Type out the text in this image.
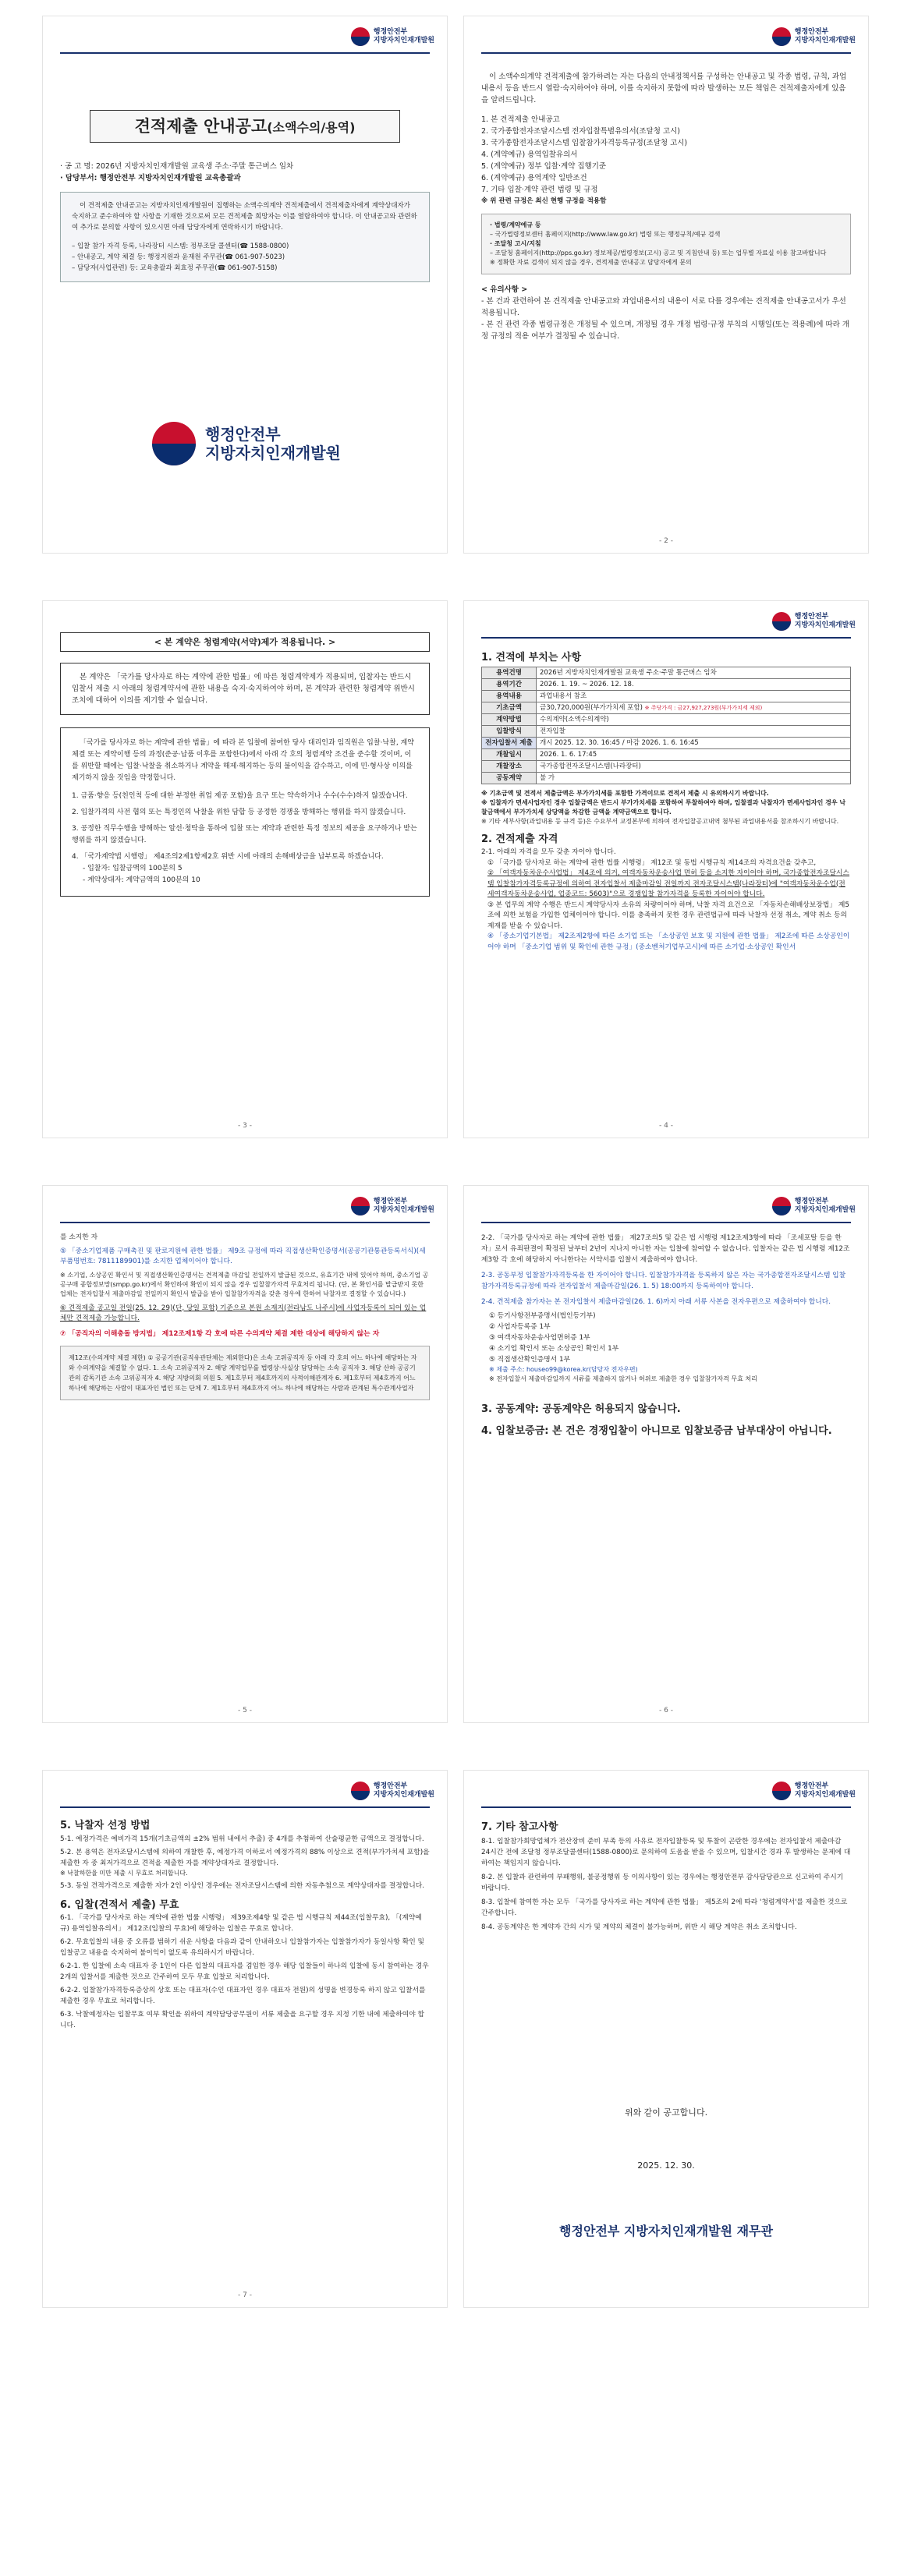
행정안전부
지방자치인재개발원
견적제출 안내공고(소액수의/용역)
· 공 고 명: 2026년 지방자치인재개발원 교육생 주소·주말 통근버스 임차
· 담당부서: 행정안전부 지방자치인재개발원 교육총괄과
이 견적제출 안내공고는 지방자치인재개발원이 집행하는 소액수의계약 견적제출에서 견적제출자에게 계약상대자가 숙지하고 준수하여야 할 사항을 기재한 것으로써 모든 견적제출 희망자는 이를 열람하여야 합니다. 이 안내공고와 관련하여 추가로 문의할 사항이 있으시면 아래 담당자에게 연락하시기 바랍니다.
– 입찰 참가 자격 등록, 나라장터 시스템: 정부조달 콜센터(☎ 1588-0800)
– 안내공고, 계약 체결 등: 행정지원과 윤재원 주무관(☎ 061-907-5023)
– 담당자(사업관련) 등: 교육총괄과 최효정 주무관(☎ 061-907-5158)
행정안전부
지방자치인재개발원
행정안전부
지방자치인재개발원
이 소액수의계약 견적제출에 참가하려는 자는 다음의 안내정책서를 구성하는 안내공고 및 각종 법령, 규칙, 과업내용서 등을 반드시 열람·숙지하여야 하며, 이를 숙지하지 못함에 따라 발생하는 모든 책임은 견적제출자에게 있음을 알려드립니다.
1. 본 견적제출 안내공고
2. 국가종합전자조달시스템 전자입찰특별유의서(조달청 고시)
3. 국가종합전자조달시스템 입찰참가자격등록규정(조달청 고시)
4. (계약예규) 용역입찰유의서
5. (계약예규) 정부 입찰·계약 집행기준
6. (계약예규) 용역계약 일반조건
7. 기타 입찰·계약 관련 법령 및 규정
※ 위 관련 규정은 최신 현행 규정을 적용함
· 법령/계약예규 등
– 국가법령정보센터 홈페이지(http://www.law.go.kr) 법령 또는 행정규칙/예규 검색
· 조달청 고시/지침
– 조달청 홈페이지(http://pps.go.kr) 정보제공/법령정보(고시) 공고 및 지침안내 등) 또는 업무별 자료실 이용 참고바랍니다
※ 정확한 자료 검색이 되지 않을 경우, 견적제출 안내공고 담당자에게 문의
< 유의사항 >
- 본 건과 관련하여 본 견적제출 안내공고와 과업내용서의 내용이 서로 다를 경우에는 견적제출 안내공고서가 우선 적용됩니다.
- 본 건 관련 각종 법령규정은 개정될 수 있으며, 개정될 경우 개정 법령·규정 부칙의 시행일(또는 적용례)에 따라 개정 규정의 적용 여부가 결정될 수 있습니다.
- 2 -
< 본 계약은 청렴계약(서약)제가 적용됩니다. >
본 계약은 「국가를 당사자로 하는 계약에 관한 법률」에 따른 청렴계약제가 적용되며, 입찰자는 반드시 입찰서 제출 시 아래의 청렴계약서에 관한 내용을 숙지·숙지하여야 하며, 본 계약과 관련한 청렴계약 위반시 조치에 대하여 이의를 제기할 수 없습니다.
「국가를 당사자로 하는 계약에 관한 법률」에 따라 본 입찰에 참여한 당사 대리인과 임직원은 입찰·낙찰, 계약체결 또는 계약이행 등의 과정(준공·납품 이후를 포함한다)에서 아래 각 호의 청렴계약 조건을 준수할 것이며, 이를 위반할 때에는 입찰·낙찰을 취소하거나 계약을 해제·해지하는 등의 불이익을 감수하고, 이에 민·형사상 이의를 제기하지 않을 것임을 약정합니다.
1. 금품·향응 등(친인척 등에 대한 부정한 취업 제공 포함)을 요구 또는 약속하거나 수수(수수)하지 않겠습니다.
2. 입찰가격의 사전 협의 또는 특정인의 낙찰을 위한 담합 등 공정한 경쟁을 방해하는 행위를 하지 않겠습니다.
3. 공정한 직무수행을 방해하는 알선·청탁을 통하여 입찰 또는 계약과 관련한 특정 정보의 제공을 요구하거나 받는 행위를 하지 않겠습니다.
4. 「국가계약법 시행령」 제4조의2제1항제2호 위반 시에 아래의 손해배상금을 납부토록 하겠습니다.
- 입찰자: 입찰금액의 100분의 5
- 계약상대자: 계약금액의 100분의 10
- 3 -
행정안전부
지방자치인재개발원
1. 견적에 부치는 사항
용역건명	2026년 지방자치인재개발원 교육생 주소·주말 통근버스 임차
용역기간	2026. 1. 19. ~ 2026. 12. 18.
용역내용	과업내용서 참조
기초금액	금30,720,000원(부가가치세 포함) ※ 주당가격 : 금27,927,273원(부가가치세 제외)
계약방법	수의계약(소액수의계약)
입찰방식	전자입찰
전자입찰서 제출	개시 2025. 12. 30. 16:45 / 마감 2026. 1. 6. 16:45
개찰일시	2026. 1. 6. 17:45
개찰장소	국가종합전자조달시스템(나라장터)
공동계약	불 가
※ 기초금액 및 견적서 제출금액은 부가가치세를 포함한 가격이므로 견적서 제출 시 유의하시기 바랍니다.
※ 입찰자가 면세사업자인 경우 입찰금액은 반드시 부가가치세를 포함하여 투찰하여야 하며, 입찰결과 낙찰자가 면세사업자인 경우 낙찰금액에서 부가가치세 상당액을 차감한 금액을 계약금액으로 합니다.
※ 기타 세부사항(과업내용 등 규격 등)은 수요부서 교정본부에 의하여 전자입찰공고내역 첨부된 과업내용서를 참조하시기 바랍니다.
2. 견적제출 자격
2-1. 아래의 자격을 모두 갖춘 자이야 합니다.
① 「국가를 당사자로 하는 계약에 관한 법률 시행령」 제12조 및 동법 시행규칙 제14조의 자격요건을 갖추고,
② 「여객자동차운수사업법」 제4조에 의거, 여객자동차운송사업 면허 등을 소지한 자이어야 하며, 국가종합전자조달시스템 입찰참가자격등록규정에 의하여 전자입찰서 제출마감일 전일까지 전자조달시스템(나라장터)에 "여객자동차운수업(전세여객자동차운송사업, 업종코드: 5603)"으로 경쟁입찰 참가자격을 등록한 자이어야 합니다.
③ 본 업무의 계약 수행은 반드시 계약당사자 소유의 차량이어야 하며, 낙찰 자격 요건으로 「자동차손해배상보장법」 제5조에 의한 보험을 가입한 업체이어야 합니다. 이를 충족하지 못한 경우 관련법규에 따라 낙찰자 선정 취소, 계약 취소 등의 제재를 받을 수 있습니다.
④ 「중소기업기본법」 제2조제2항에 따른 소기업 또는 「소상공인 보호 및 지원에 관한 법률」 제2조에 따른 소상공인이어야 하며 「중소기업 범위 및 확인에 관한 규정」(중소벤처기업부고시)에 따른 소기업·소상공인 확인서
- 4 -
행정안전부
지방자치인재개발원
를 소지한 자
⑤ 「중소기업제품 구매촉진 및 판로지원에 관한 법률」 제9조 규정에 따라 직접생산확인증명서(공공기관통관등록서식)(세부품명번호: 7811189901)를 소지한 업체이어야 합니다.
※ 소기업, 소상공인 확인서 및 직접생산확인증명서는 견적제출 마감일 전일까지 발급된 것으로, 유효기간 내에 있어야 하며, 중소기업 공공구매 종합정보망(smpp.go.kr)에서 확인하여 확인이 되지 않을 경우 입찰참가자격 무효처리 됩니다. (단, 본 확인서를 발급받지 못한 업체는 전자입찰서 제출마감일 전일까지 확인서 발급을 받아 입찰참가자격을 갖춘 경우에 한하여 낙찰자로 결정할 수 있습니다.)
⑥ 견적제출 공고일 전일(25. 12. 29)(단, 당일 포함) 기준으로 본원 소재지(전라남도 나주시)에 사업자등록이 되어 있는 업체만 견적제출 가능합니다.
⑦ 「공직자의 이해충돌 방지법」 제12조제1항 각 호에 따른 수의계약 체결 제한 대상에 해당하지 않는 자
제12조(수의계약 체결 제한) ① 공공기관(공직유관단체는 제외한다)은 소속 고위공직자 등 아래 각 호의 어느 하나에 해당하는 자와 수의계약을 체결할 수 없다. 1. 소속 고위공직자 2. 해당 계약업무를 법령상·사실상 담당하는 소속 공직자 3. 해당 산하 공공기관의 감독기관 소속 고위공직자 4. 해당 지방의회 의원 5. 제1호부터 제4호까지의 사적이해관계자 6. 제1호부터 제4호까지 어느 하나에 해당하는 사람이 대표자인 법인 또는 단체 7. 제1호부터 제4호까지 어느 하나에 해당하는 사람과 관계된 특수관계사업자
- 5 -
행정안전부
지방자치인재개발원
2-2. 「국가를 당사자로 하는 계약에 관한 법률」 제27조의5 및 같은 법 시행령 제12조제3항에 따라 「조세포탈 등을 한 자」로서 유죄판결이 확정된 날부터 2년이 지나지 아니한 자는 입찰에 참여할 수 없습니다. 입찰자는 같은 법 시행령 제12조 제3항 각 호에 해당하지 아니한다는 서약서를 입찰서 제출하여야 합니다.
2-3. 공동부정 입찰참가자격등록을 한 자이어야 합니다. 입찰참가자격을 등록하지 않은 자는 국가종합전자조달시스템 입찰참가자격등록규정에 따라 전자입찰서 제출마감일(26. 1. 5) 18:00까지 등록하여야 합니다.
2-4. 견적제출 참가자는 본 전자입찰서 제출마감일(26. 1. 6)까지 아래 서류 사본을 전자우편으로 제출하여야 합니다.
① 등기사항전부증명서(법인등기부)
② 사업자등록증 1부
③ 여객자동차운송사업면허증 1부
④ 소기업 확인서 또는 소상공인 확인서 1부
⑤ 직접생산확인증명서 1부
※ 제출 주소: houseo99@korea.kr(담당자 전자우편)
※ 전자입찰서 제출마감일까지 서류를 제출하지 않거나 허위로 제출한 경우 입찰참가자격 무효 처리
3. 공동계약: 공동계약은 허용되지 않습니다.
4. 입찰보증금: 본 건은 경쟁입찰이 아니므로 입찰보증금 납부대상이 아닙니다.
- 6 -
행정안전부
지방자치인재개발원
5. 낙찰자 선정 방법
5-1. 예정가격은 예비가격 15개(기초금액의 ±2% 범위 내에서 추출) 중 4개를 추첨하여 산술평균한 금액으로 결정합니다.
5-2. 본 용역은 전자조달시스템에 의하여 개찰한 후, 예정가격 이하로서 예정가격의 88% 이상으로 견적(부가가치세 포함)을 제출한 자 중 최저가격으로 견적을 제출한 자를 계약상대자로 결정합니다.
※ 낙찰하한율 미만 제출 시 무효로 처리합니다.
5-3. 동일 견적가격으로 제출한 자가 2인 이상인 경우에는 전자조달시스템에 의한 자동추첨으로 계약상대자를 결정합니다.
6. 입찰(견적서 제출) 무효
6-1. 「국가를 당사자로 하는 계약에 관한 법률 시행령」 제39조제4항 및 같은 법 시행규칙 제44조(입찰무효), 「(계약예규) 용역입찰유의서」 제12조(입찰의 무효)에 해당하는 입찰은 무효로 합니다.
6-2. 무효입찰의 내용 중 오류를 범하기 쉬운 사항을 다음과 같이 안내하오니 입찰참가자는 입찰참가자가 동일사항 확인 및 입찰공고 내용을 숙지하여 불이익이 없도록 유의하시기 바랍니다.
6-2-1. 한 입찰에 소속 대표자 중 1인이 다른 입찰의 대표자를 겸임한 경우 해당 입찰들이 하나의 입찰에 동시 참여하는 경우 2개의 입찰서를 제출한 것으로 간주하여 모두 무효 입찰로 처리합니다.
6-2-2. 입찰참가자격등록증상의 상호 또는 대표자(수인 대표자인 경우 대표자 전원)의 성명을 변경등록 하지 않고 입찰서를 제출한 경우 무효로 처리합니다.
6-3. 낙찰예정자는 입찰무효 여부 확인을 위하여 계약담당공무원이 서류 제출을 요구할 경우 지정 기한 내에 제출하여야 합니다.
- 7 -
행정안전부
지방자치인재개발원
7. 기타 참고사항
8-1. 입찰참가희망업체가 전산장비 준비 부족 등의 사유로 전자입찰등록 및 투찰이 곤란한 경우에는 전자입찰서 제출마감 24시간 전에 조달청 정부조달콜센터(1588-0800)로 문의하여 도움을 받을 수 있으며, 입찰시간 경과 후 발생하는 문제에 대하여는 책임지지 않습니다.
8-2. 본 입찰과 관련하여 부패행위, 불공정행위 등 이의사항이 있는 경우에는 행정안전부 감사담당관으로 신고하여 주시기 바랍니다.
8-3. 입찰에 참여한 자는 모두 「국가를 당사자로 하는 계약에 관한 법률」 제5조의 2에 따라 '청렴계약서'를 제출한 것으로 간주합니다.
8-4. 공동계약은 한 계약자 간의 시가 및 계약의 체결이 불가능하며, 위반 시 해당 계약은 취소 조치합니다.
위와 같이 공고합니다.
2025. 12. 30.
행정안전부 지방자치인재개발원 재무관
